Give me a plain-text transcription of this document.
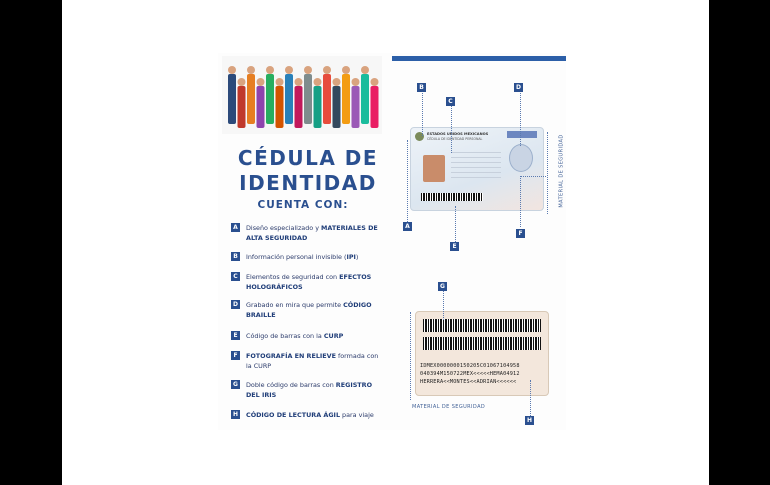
CÉDULA DE
IDENTIDAD
CUENTA CON:
A	Diseño especializado y MATERIALES DE ALTA SEGURIDAD
B	Información personal invisible (IPI)
C	Elementos de seguridad con EFECTOS HOLOGRÁFICOS
D	Grabado en mira que permite CÓDIGO BRAILLE
E	Código de barras con la CURP
F	FOTOGRAFÍA EN RELIEVE formada con la CURP
G	Doble código de barras con REGISTRO DEL IRIS
H	CÓDIGO DE LECTURA ÁGIL para viaje
ESTADOS UNIDOS MEXICANOS
CÉDULA DE IDENTIDAD PERSONAL
IDMEX0000000150205C01067104958
040394M150722MEX<<<<<HEMA04912
HERRERA<<MONTES<<ADRIAN<<<<<<
B
C
D
A
E
F
G
H
MATERIAL DE SEGURIDAD
MATERIAL DE SEGURIDAD
